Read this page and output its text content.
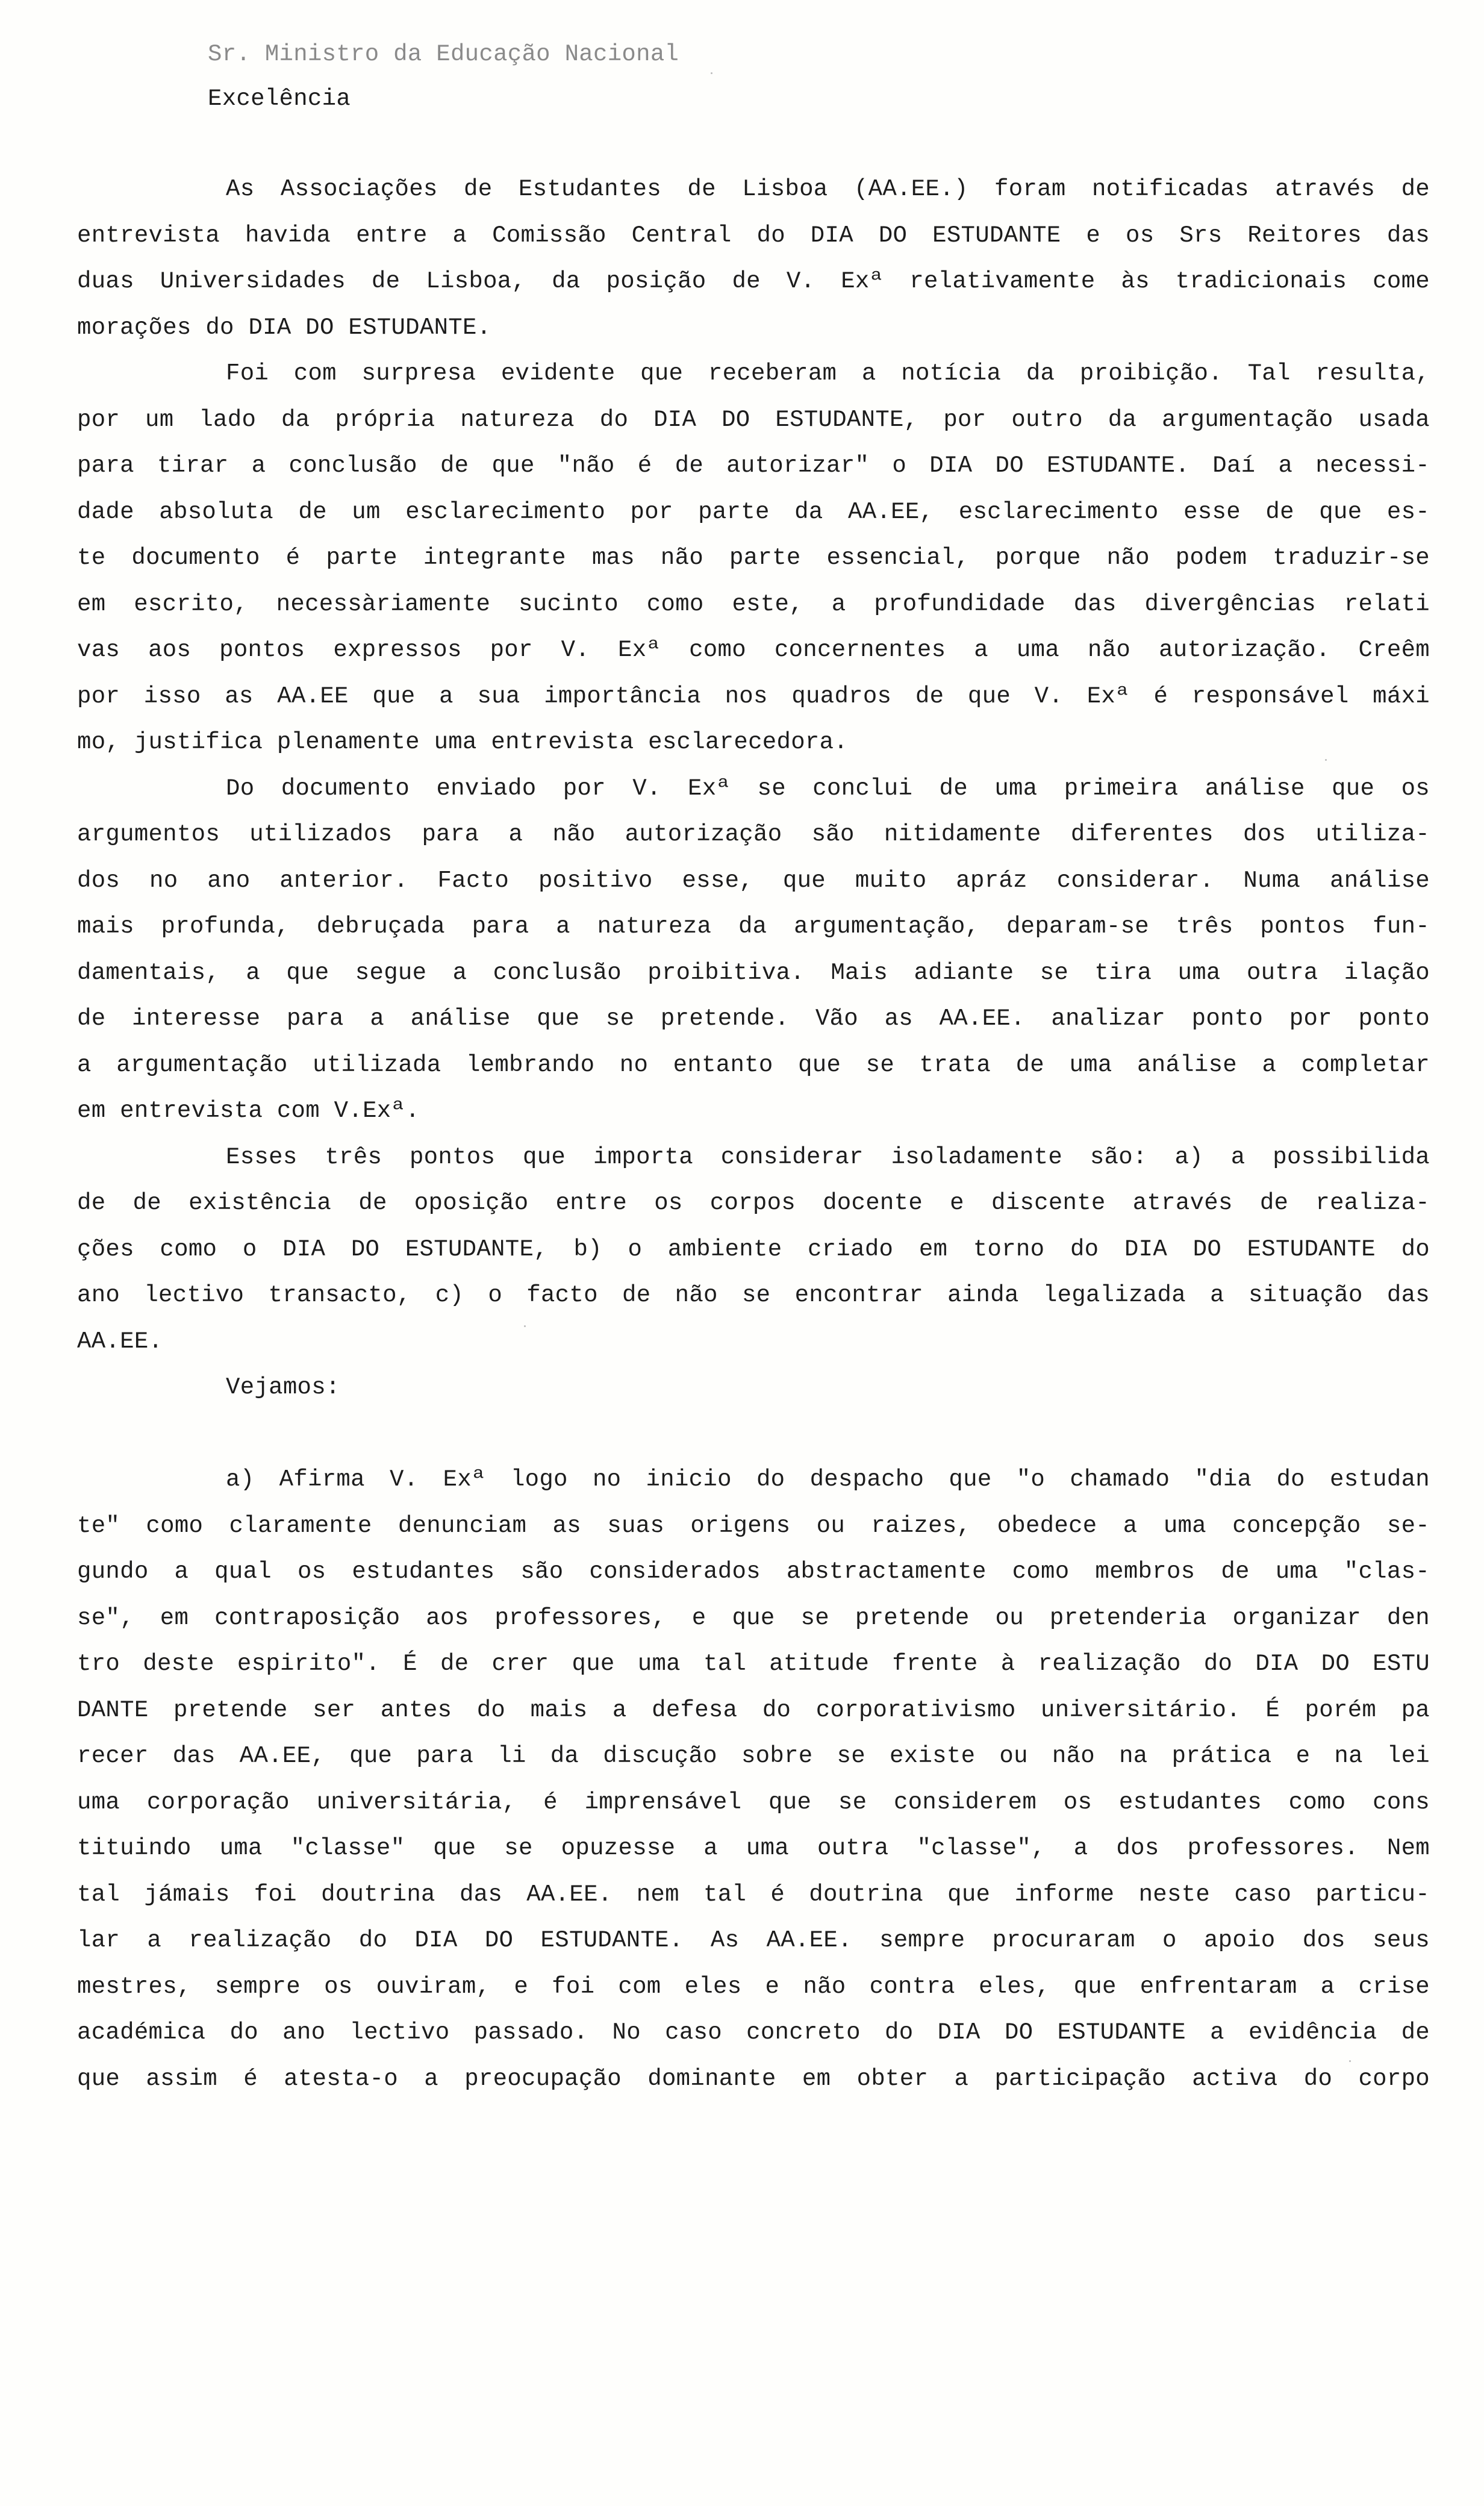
Sr. Ministro da Educação Nacional
Excelência
As Associações de Estudantes de Lisboa (AA.EE.) foram notificadas através de
entrevista havida entre a Comissão Central do DIA DO ESTUDANTE e os Srs Reitores das
duas Universidades de Lisboa, da posição de V. Exª relativamente às tradicionais come
morações do DIA DO ESTUDANTE.
Foi com surpresa evidente que receberam a notícia da proibição. Tal resulta,
por um lado da própria natureza do DIA DO ESTUDANTE, por outro da argumentação usada
para tirar a conclusão de que "não é de autorizar" o DIA DO ESTUDANTE. Daí a necessi-
dade absoluta de um esclarecimento por parte da AA.EE, esclarecimento esse de que es-
te documento é parte integrante mas não parte essencial, porque não podem traduzir-se
em escrito, necessàriamente sucinto como este, a profundidade das divergências relati
vas aos pontos expressos por V. Exª como concernentes a uma não autorização. Creêm
por isso as AA.EE que a sua importância nos quadros de que V. Exª é responsável máxi
mo, justifica plenamente uma entrevista esclarecedora.
Do documento enviado por V. Exª se conclui de uma primeira análise que os
argumentos utilizados para a não autorização são nitidamente diferentes dos utiliza-
dos no ano anterior. Facto positivo esse, que muito apráz considerar. Numa análise
mais profunda, debruçada para a natureza da argumentação, deparam-se três pontos fun-
damentais, a que segue a conclusão proibitiva. Mais adiante se tira uma outra ilação
de interesse para a análise que se pretende. Vão as AA.EE. analizar ponto por ponto
a argumentação utilizada lembrando no entanto que se trata de uma análise a completar
em entrevista com V.Exª.
Esses três pontos que importa considerar isoladamente são: a) a possibilida
de de existência de oposição entre os corpos docente e discente através de realiza-
ções como o DIA DO ESTUDANTE, b) o ambiente criado em torno do DIA DO ESTUDANTE do
ano lectivo transacto, c) o facto de não se encontrar ainda legalizada a situação das
AA.EE.
Vejamos:
a) Afirma V. Exª logo no inicio do despacho que "o chamado "dia do estudan
te" como claramente denunciam as suas origens ou raizes, obedece a uma concepção se-
gundo a qual os estudantes são considerados abstractamente como membros de uma "clas-
se", em contraposição aos professores, e que se pretende ou pretenderia organizar den
tro deste espirito". É de crer que uma tal atitude frente à realização do DIA DO ESTU
DANTE pretende ser antes do mais a defesa do corporativismo universitário. É porém pa
recer das AA.EE, que para li da discução sobre se existe ou não na prática e na lei
uma corporação universitária, é imprensável que se considerem os estudantes como cons
tituindo uma "classe" que se opuzesse a uma outra "classe", a dos professores. Nem
tal jámais foi doutrina das AA.EE. nem tal é doutrina que informe neste caso particu-
lar a realização do DIA DO ESTUDANTE. As AA.EE. sempre procuraram o apoio dos seus
mestres, sempre os ouviram, e foi com eles e não contra eles, que enfrentaram a crise
académica do ano lectivo passado. No caso concreto do DIA DO ESTUDANTE a evidência de
que assim é atesta-o a preocupação dominante em obter a participação activa do corpo
